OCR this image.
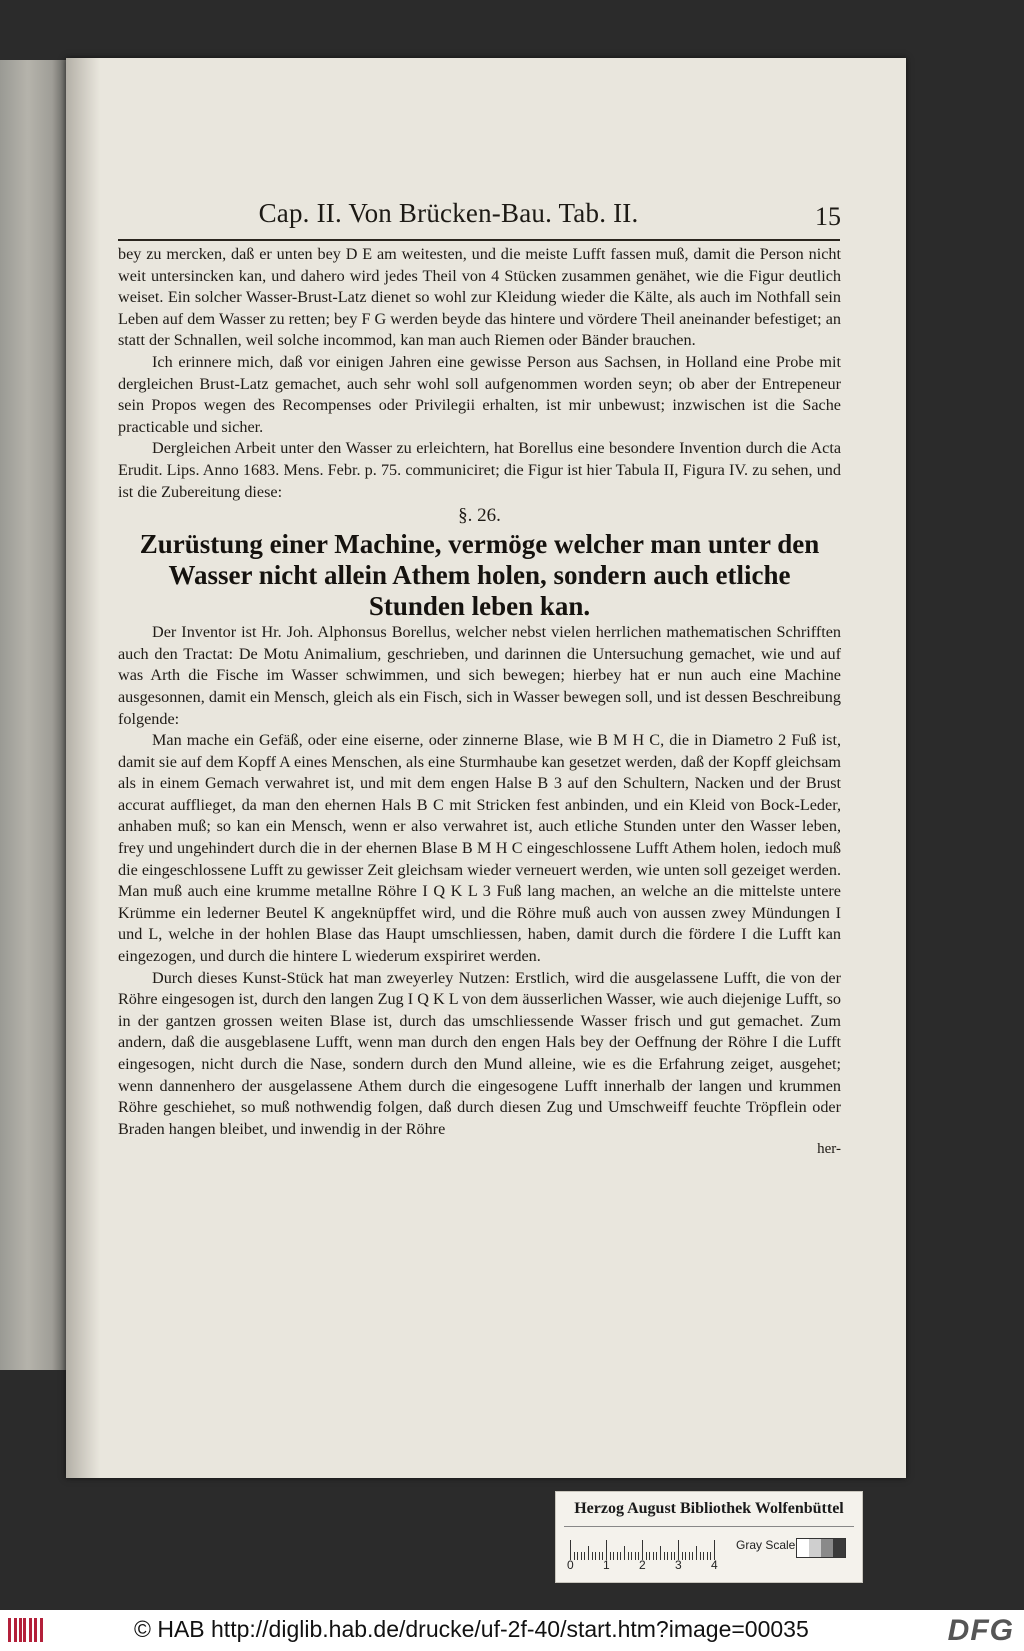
Cap. II. Von Brücken-Bau. Tab. II.	15

bey zu mercken, daß er unten bey D E am weitesten, und die meiste Lufft fassen muß, damit die Person nicht weit untersincken kan, und dahero wird jedes Theil von 4 Stücken zusammen genähet, wie die Figur deutlich weiset. Ein solcher Wasser-Brust-Latz dienet so wohl zur Kleidung wieder die Kälte, als auch im Nothfall sein Leben auf dem Wasser zu retten; bey F G werden beyde das hintere und vördere Theil aneinander befestiget; an statt der Schnallen, weil solche incommod, kan man auch Riemen oder Bänder brauchen.

Ich erinnere mich, daß vor einigen Jahren eine gewisse Person aus Sachsen, in Holland eine Probe mit dergleichen Brust-Latz gemachet, auch sehr wohl soll aufgenommen worden seyn; ob aber der Entrepeneur sein Propos wegen des Recompenses oder Privilegii erhalten, ist mir unbewust; inzwischen ist die Sache practicable und sicher.

Dergleichen Arbeit unter den Wasser zu erleichtern, hat Borellus eine besondere Invention durch die Acta Erudit. Lips. Anno 1683. Mens. Febr. p. 75. communiciret; die Figur ist hier Tabula II, Figura IV. zu sehen, und ist die Zubereitung diese:

§. 26.

Zurüstung einer Machine, vermöge welcher man unter den Wasser nicht allein Athem holen, sondern auch etliche Stunden leben kan.

Der Inventor ist Hr. Joh. Alphonsus Borellus, welcher nebst vielen herrlichen mathematischen Schrifften auch den Tractat: De Motu Animalium, geschrieben, und darinnen die Untersuchung gemachet, wie und auf was Arth die Fische im Wasser schwimmen, und sich bewegen; hierbey hat er nun auch eine Machine ausgesonnen, damit ein Mensch, gleich als ein Fisch, sich in Wasser bewegen soll, und ist dessen Beschreibung folgende:

Man mache ein Gefäß, oder eine eiserne, oder zinnerne Blase, wie B M H C, die in Diametro 2 Fuß ist, damit sie auf dem Kopff A eines Menschen, als eine Sturmhaube kan gesetzet werden, daß der Kopff gleichsam als in einem Gemach verwahret ist, und mit dem engen Halse B 3 auf den Schultern, Nacken und der Brust accurat aufflieget, da man den ehernen Hals B C mit Stricken fest anbinden, und ein Kleid von Bock-Leder, anhaben muß; so kan ein Mensch, wenn er also verwahret ist, auch etliche Stunden unter den Wasser leben, frey und ungehindert durch die in der ehernen Blase B M H C eingeschlossene Lufft Athem holen, iedoch muß die eingeschlossene Lufft zu gewisser Zeit gleichsam wieder verneuert werden, wie unten soll gezeiget werden. Man muß auch eine krumme metallne Röhre I Q K L 3 Fuß lang machen, an welche an die mittelste untere Krümme ein lederner Beutel K angeknüpffet wird, und die Röhre muß auch von aussen zwey Mündungen I und L, welche in der hohlen Blase das Haupt umschliessen, haben, damit durch die fördere I die Lufft kan eingezogen, und durch die hintere L wiederum exspiriret werden.

Durch dieses Kunst-Stück hat man zweyerley Nutzen: Erstlich, wird die ausgelassene Lufft, die von der Röhre eingesogen ist, durch den langen Zug I Q K L von dem äusserlichen Wasser, wie auch diejenige Lufft, so in der gantzen grossen weiten Blase ist, durch das umschliessende Wasser frisch und gut gemachet. Zum andern, daß die ausgeblasene Lufft, wenn man durch den engen Hals bey der Oeffnung der Röhre I die Lufft eingesogen, nicht durch die Nase, sondern durch den Mund alleine, wie es die Erfahrung zeiget, ausgehet; wenn dannenhero der ausgelassene Athem durch die eingesogene Lufft innerhalb der langen und krummen Röhre geschiehet, so muß nothwendig folgen, daß durch diesen Zug und Umschweiff feuchte Tröpflein oder Braden hangen bleibet, und inwendig in der Röhre

her-

Herzog August Bibliothek Wolfenbüttel
0 1 2 3 4
Gray Scale
© HAB http://diglib.hab.de/drucke/uf-2f-40/start.htm?image=00035	DFG
